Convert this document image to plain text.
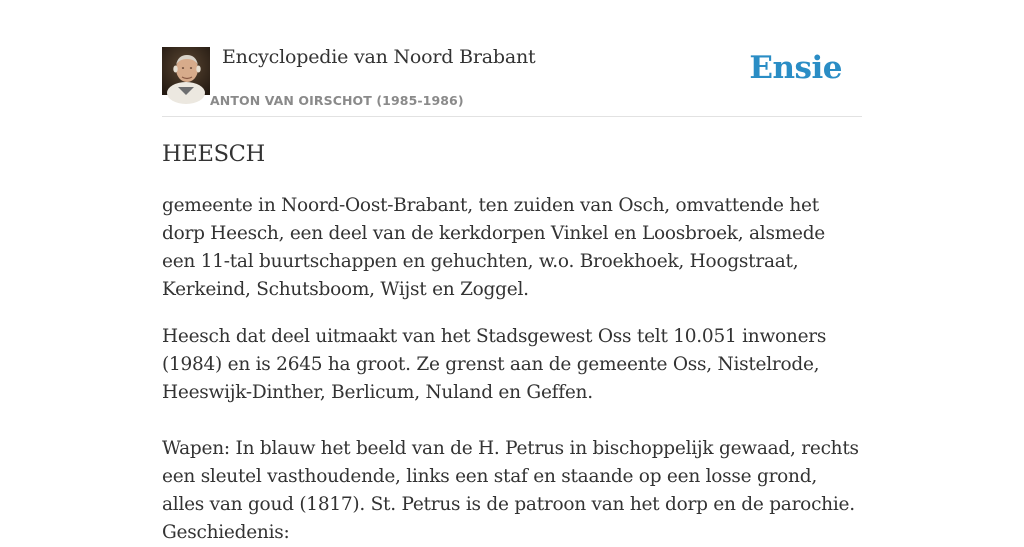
Encyclopedie van Noord Brabant
ANTON VAN OIRSCHOT (1985-1986)
Ensie
HEESCH

gemeente in Noord-Oost-Brabant, ten zuiden van Osch, omvattende het dorp Heesch, een deel van de kerkdorpen Vinkel en Loosbroek, alsmede een 11-tal buurtschappen en gehuchten, w.o. Broekhoek, Hoogstraat, Kerkeind, Schutsboom, Wijst en Zoggel.

Heesch dat deel uitmaakt van het Stadsgewest Oss telt 10.051 inwoners (1984) en is 2645 ha groot. Ze grenst aan de gemeente Oss, Nistelrode, Heeswijk-Dinther, Berlicum, Nuland en Geffen.

Wapen: In blauw het beeld van de H. Petrus in bischoppelijk gewaad, rechts een sleutel vasthoudende, links een staf en staande op een losse grond, alles van goud (1817). St. Petrus is de patroon van het dorp en de parochie. Geschiedenis:
